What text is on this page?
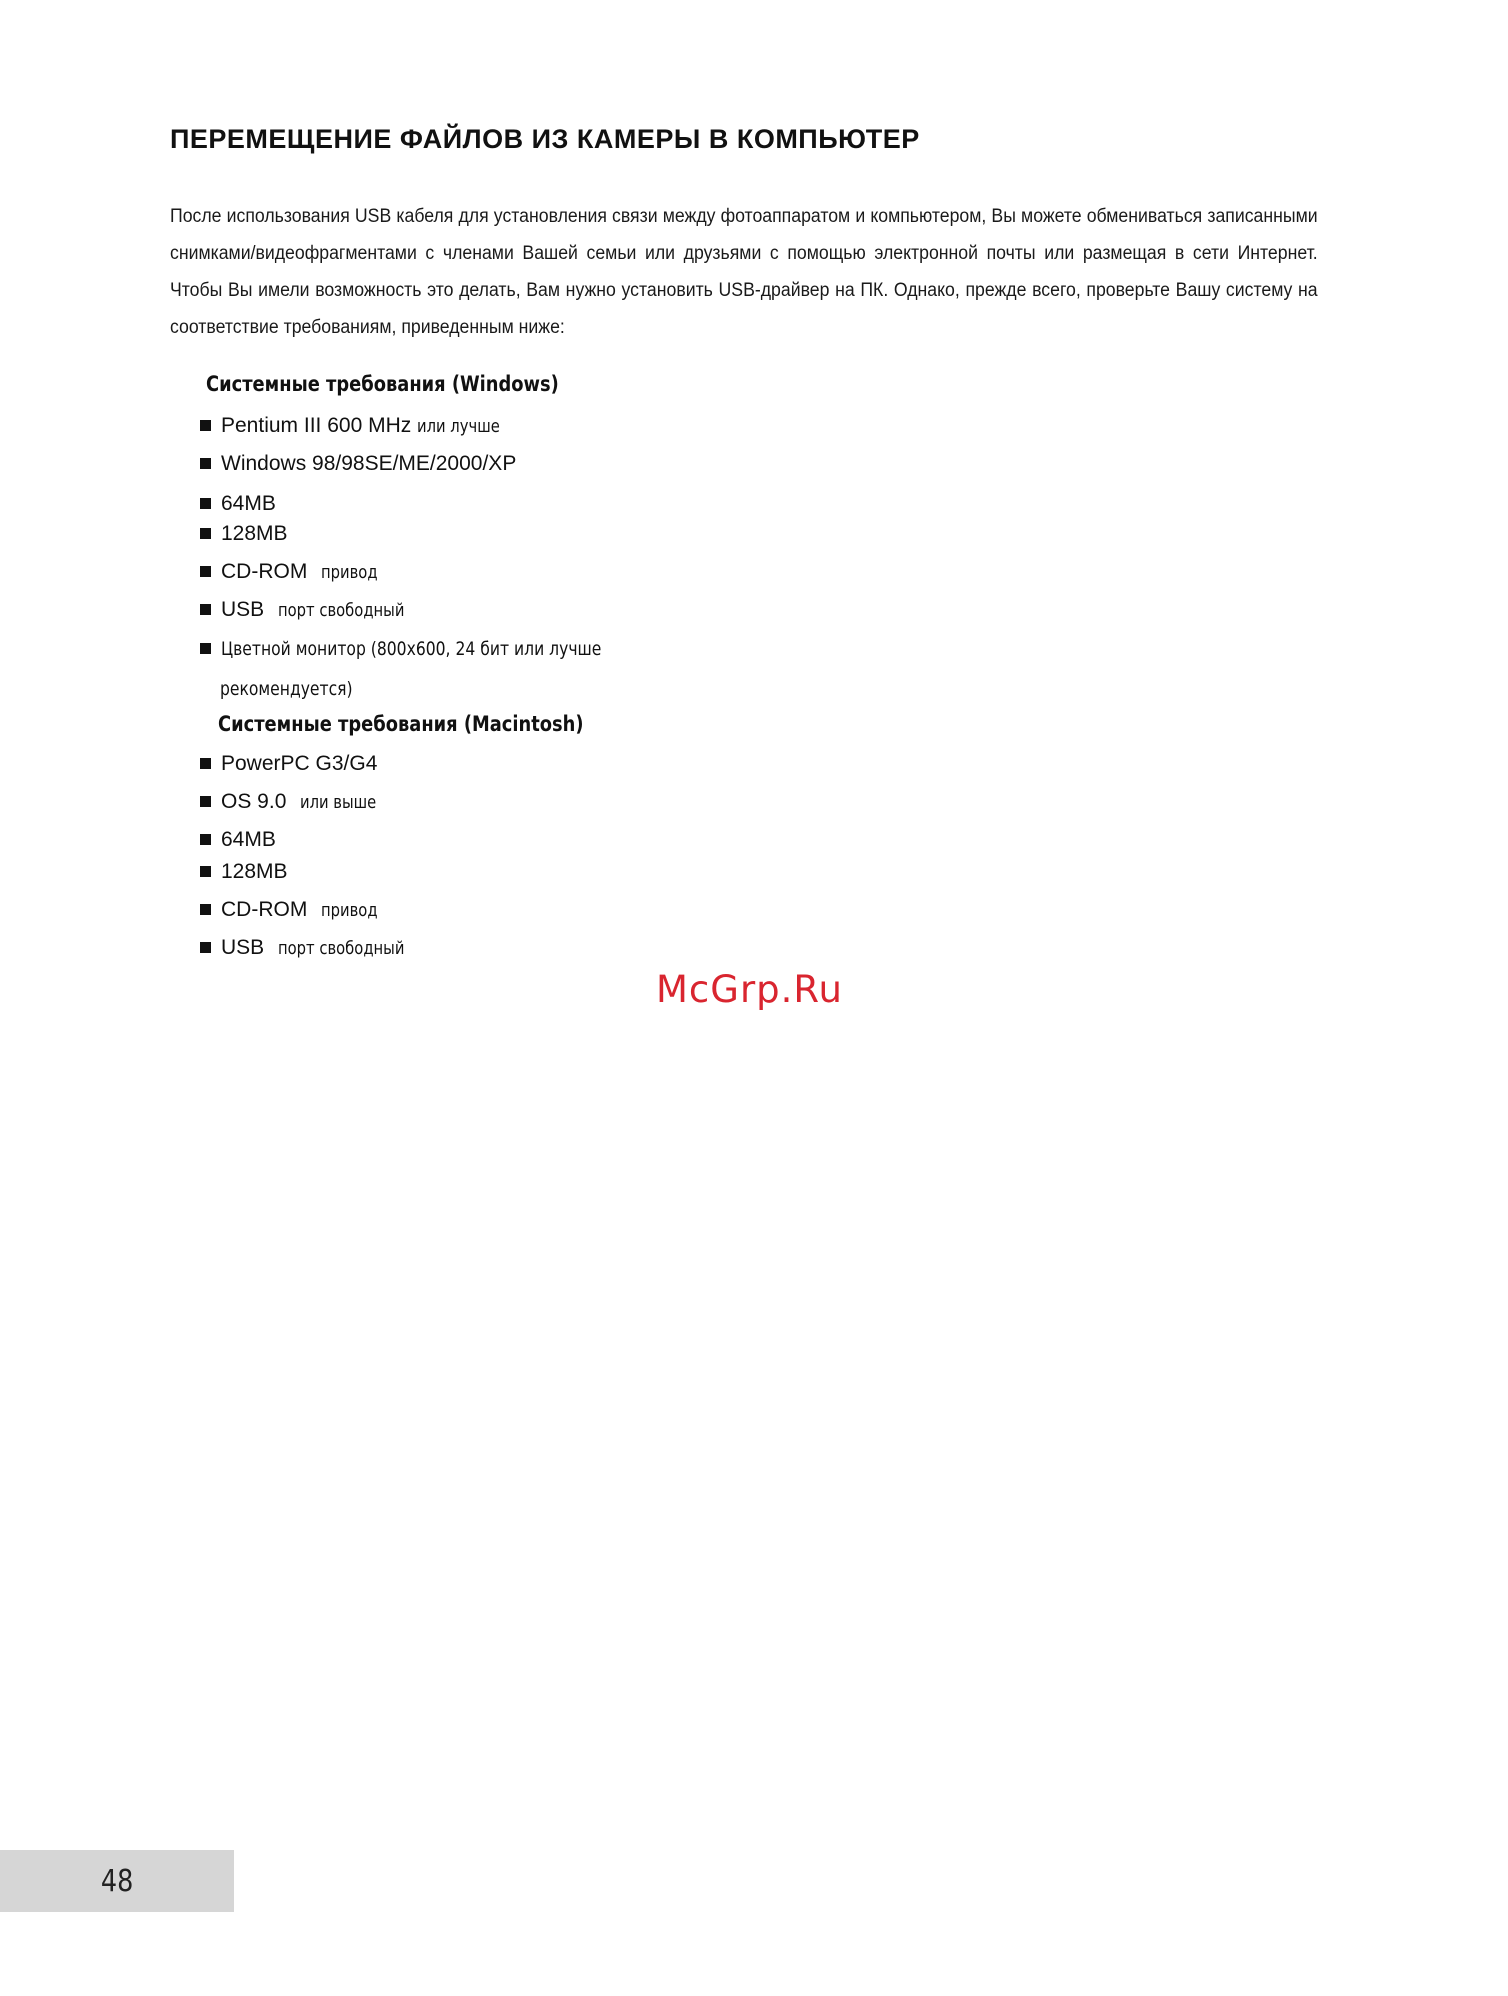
ПЕРЕМЕЩЕНИЕ ФАЙЛОВ ИЗ КАМЕРЫ В КОМПЬЮТЕР

После использования USB кабеля для установления связи между фотоаппаратом и компьютером, Вы можете обмениваться записанными снимками/видеофрагментами с членами Вашей семьи или друзьями с помощью электронной почты или размещая в сети Интернет. Чтобы Вы имели возможность это делать, Вам нужно установить USB-драйвер на ПК. Однако, прежде всего, проверьте Вашу систему на соответствие требованиям, приведенным ниже:

Системные требования (Windows)
Pentium III 600 MHz или лучше
Windows 98/98SE/ME/2000/XP
64MB
128MB
CD-ROM привод
USB порт свободный
Цветной монитор (800x600, 24 бит или лучше
рекомендуется)
Системные требования (Macintosh)
PowerPC G3/G4
OS 9.0 или выше
64MB
128MB
CD-ROM привод
USB порт свободный

McGrp.Ru

48
